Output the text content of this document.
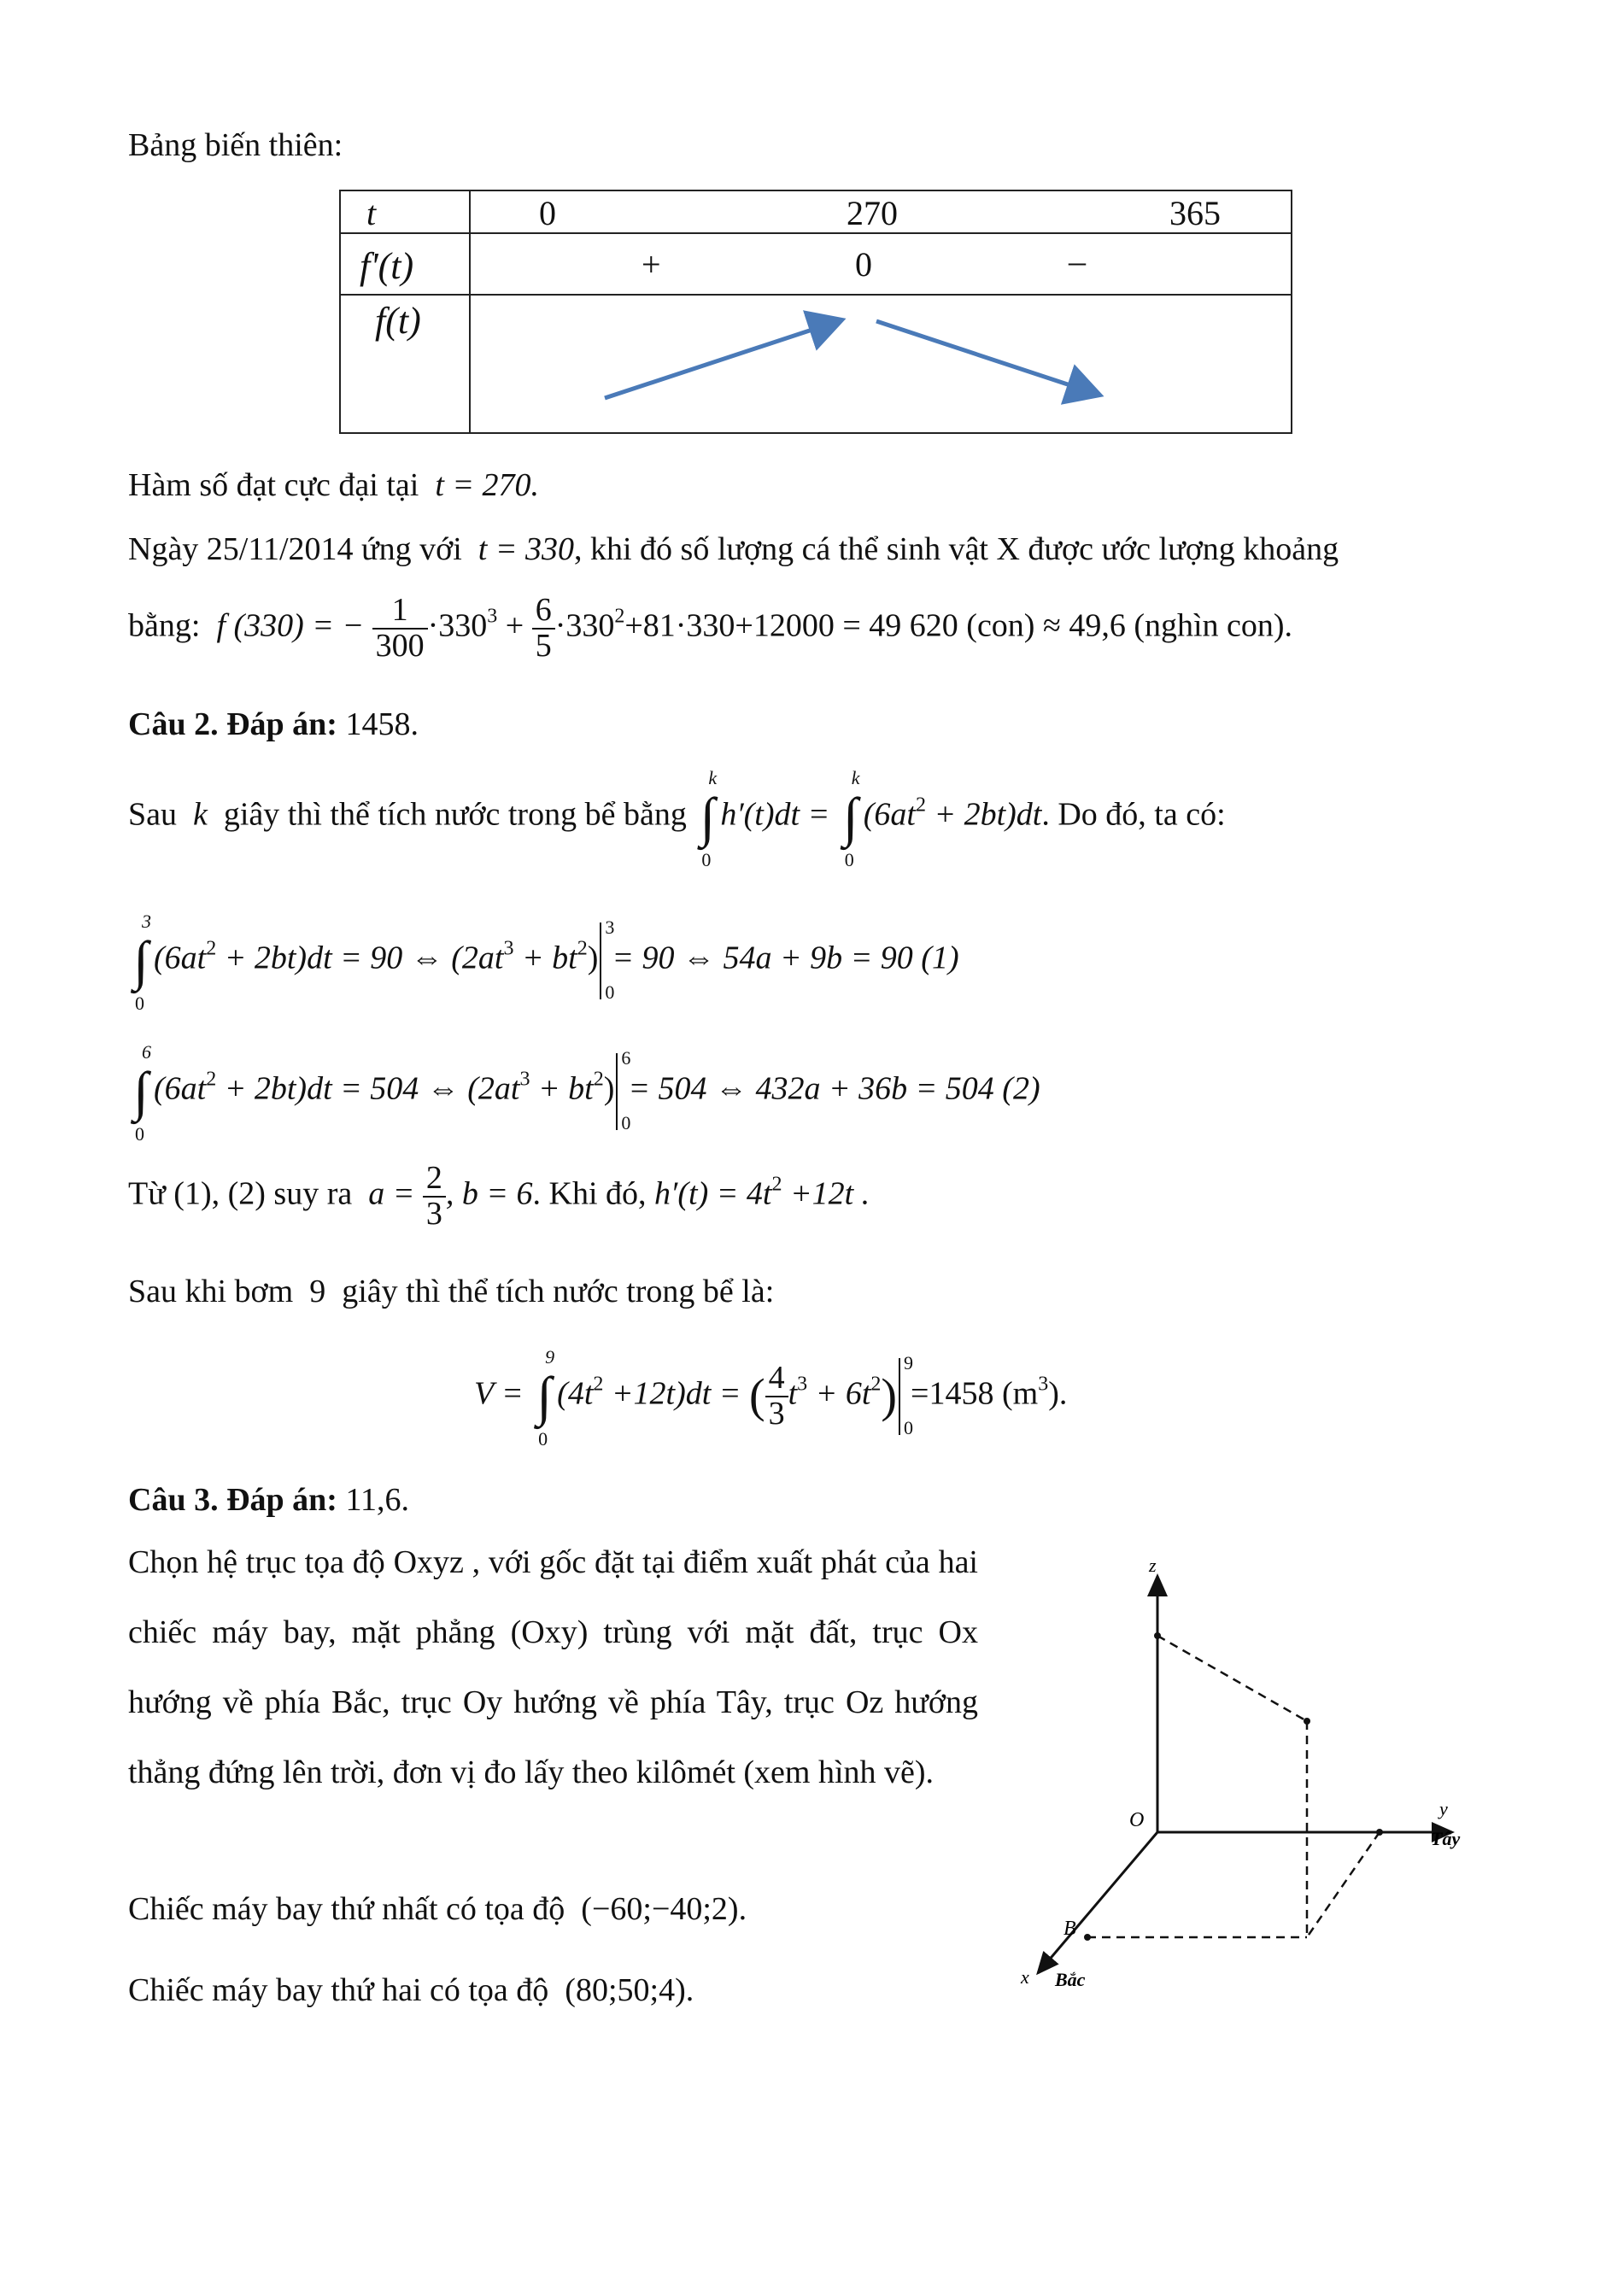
Bảng biến thiên:
t	0 270 365

f'(t)	+ 0 –

f(t)

Hàm số đạt cực đại tại t = 270.
Ngày 25/11/2014 ứng với t = 330, khi đó số lượng cá thể sinh vật X được ước lượng khoảng
bằng: f (330) = − $\frac{1}{300} \cdot 330^3 + \frac{6}{5} \cdot 330^2+81\cdot 330+12000 = 49$ 620 (con) ≈ 49,6 (nghìn con).
Câu 2. Đáp án: 1458.
Sau k giây thì thể tích nước trong bể bằng
k
∫
0
h′(t)dt =
k
∫
0
$(6at^2 + 2bt)dt$. Do đó, ta có:
3
∫
0
$(6at^2 + 2bt)dt = 90$ ⇔ $(2at^3 + bt^2)$
3
0
= 90 ⇔ 54a + 9b = 90 (1)
6
∫
0
$(6at^2 + 2bt)dt = 504$ ⇔ $(2at^3 + bt^2)$
6
0
= 504 ⇔ 432a + 36b = 504 (2)
Từ (1), (2) suy ra $a = \frac{2}{3}$ , b = 6. Khi đó, $h'(t) = 4t^2 +12t$ .
Sau khi bơm 9 giây thì thể tích nước trong bể là:
V =
9
∫
0
$(4t^2 +12t)dt$ = ( $\frac{4}{3} t^3 + 6t^2$)
9
0
=1458 $(m^3)$.
Câu 3. Đáp án: 11,6.
Chọn hệ trục tọa độ Oxyz , với gốc đặt tại điểm xuất phát của hai chiếc máy bay, mặt phẳng (Oxy) trùng với mặt đất, trục Ox hướng về phía Bắc, trục Oy hướng về phía Tây, trục Oz hướng thẳng đứng lên trời, đơn vị đo lấy theo kilômét (xem hình vẽ).
Chiếc máy bay thứ nhất có tọa độ (−60;−40;2).
Chiếc máy bay thứ hai có tọa độ (80;50;4).
z
y
Tây
O
B
x Bắc
